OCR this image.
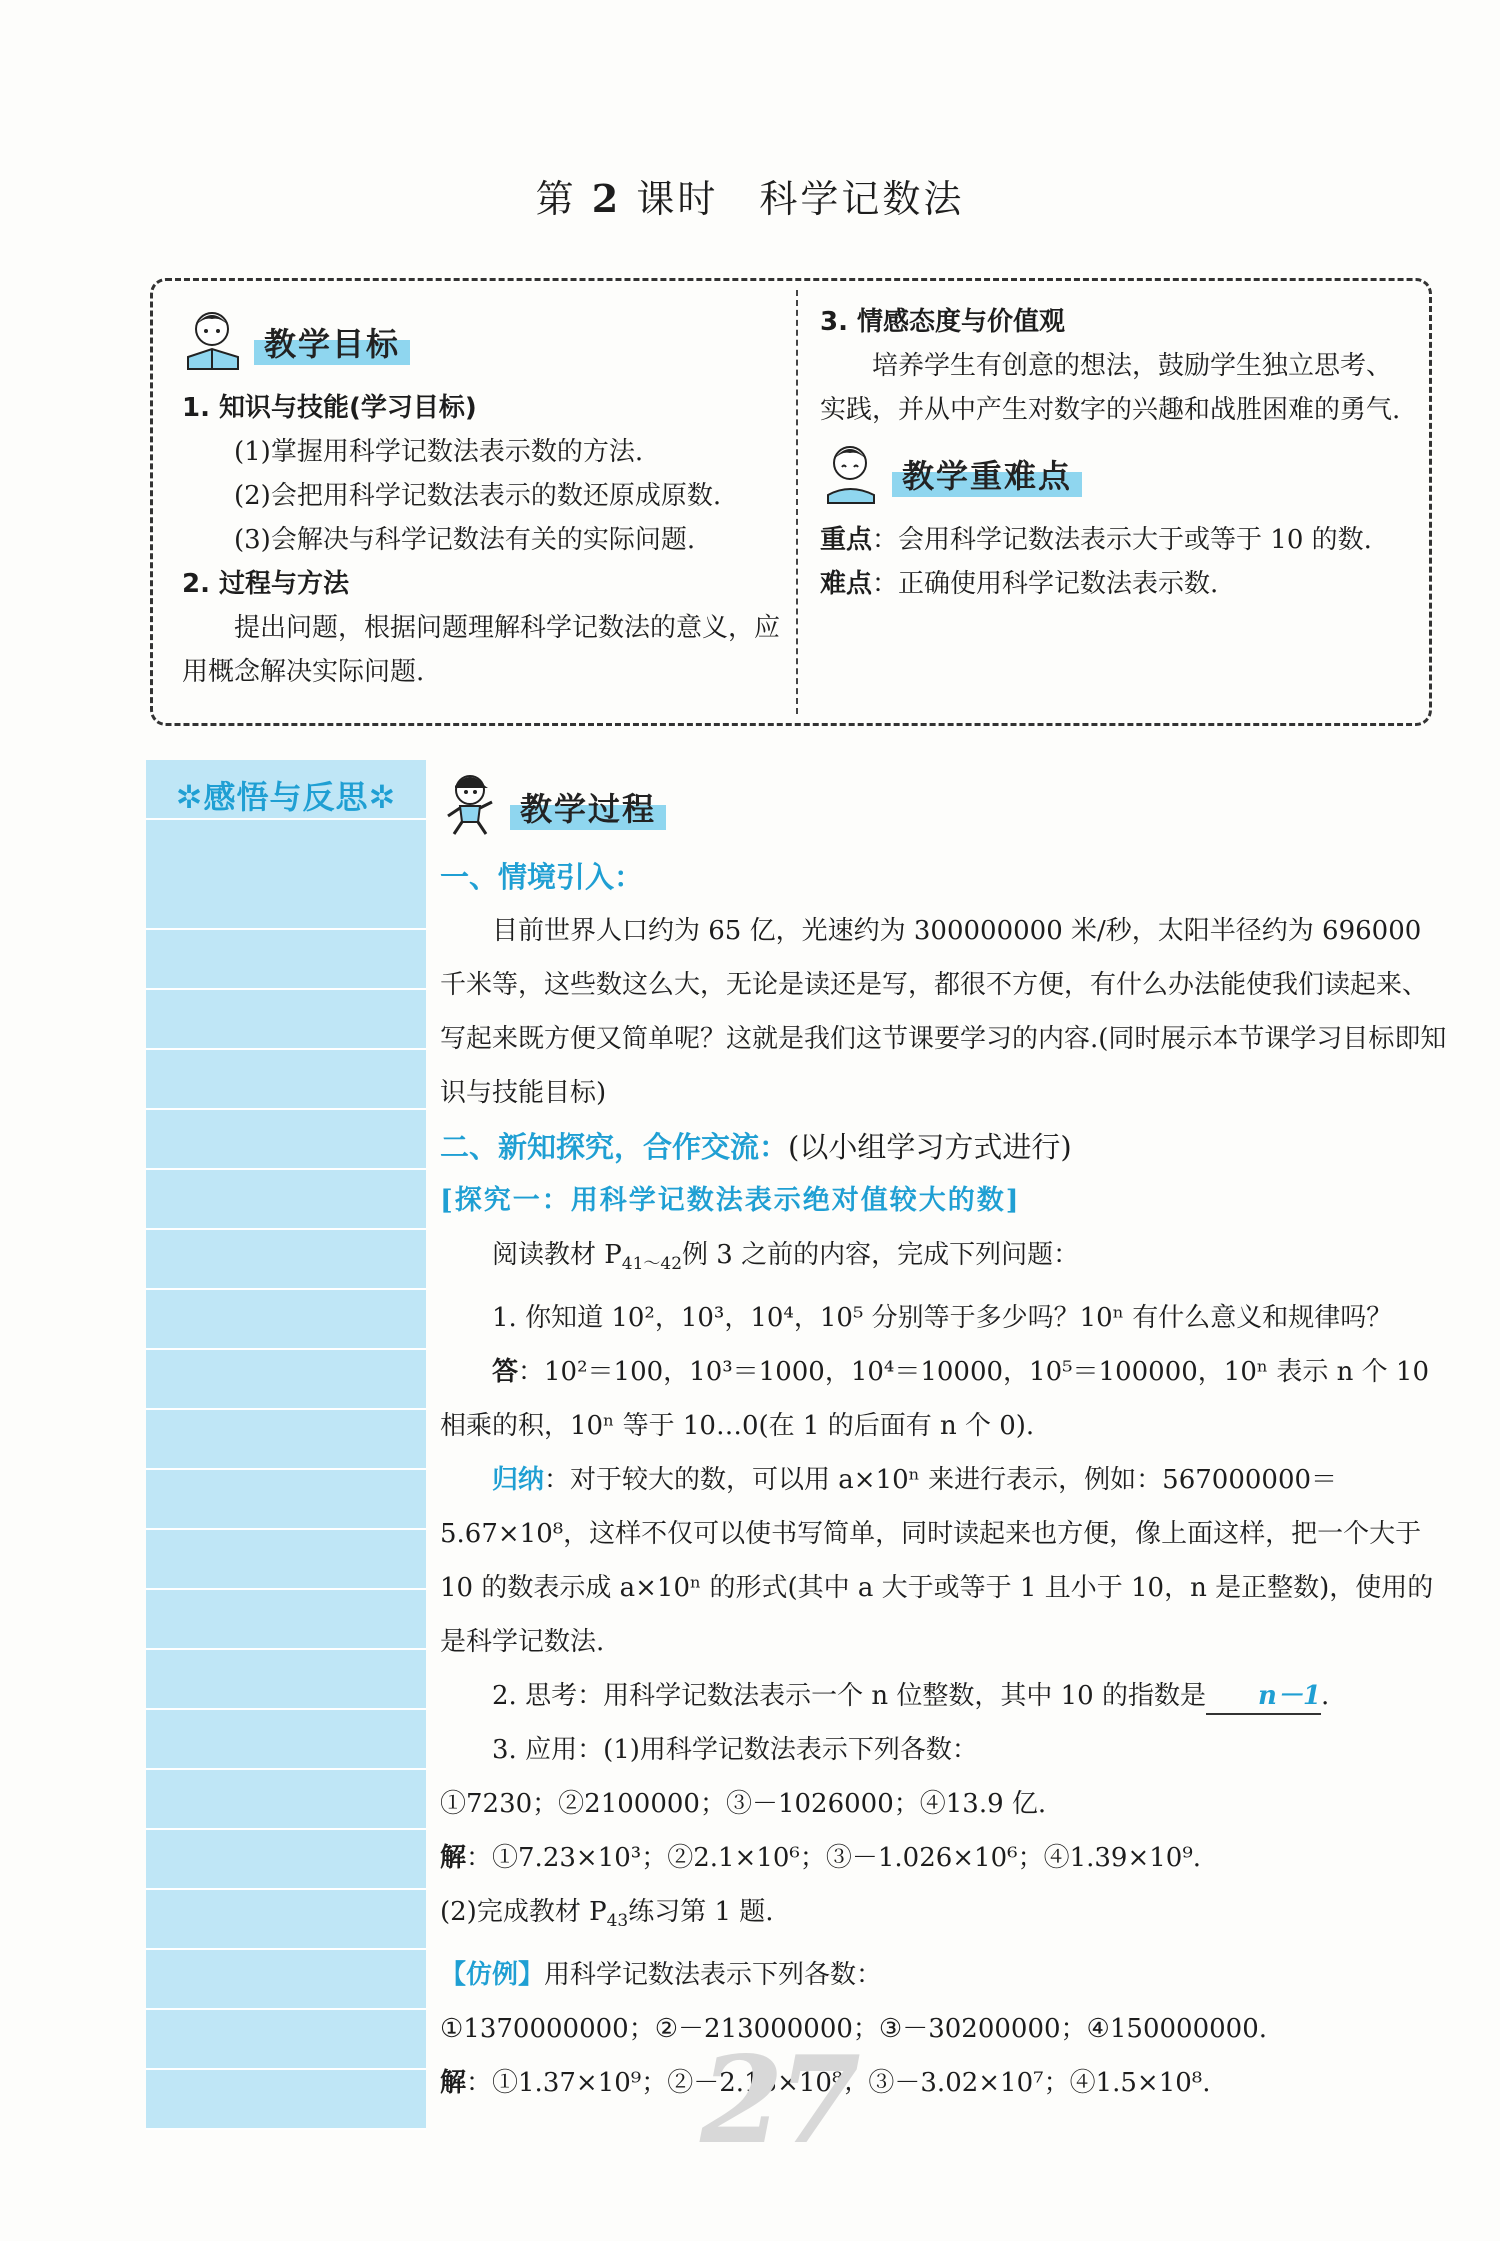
第 2 课时　科学记数法
教学目标

1. 知识与技能(学习目标)

(1)掌握用科学记数法表示数的方法.

(2)会把用科学记数法表示的数还原成原数.

(3)会解决与科学记数法有关的实际问题.

2. 过程与方法

提出问题，根据问题理解科学记数法的意义，应用概念解决实际问题.

3. 情感态度与价值观

培养学生有创意的想法，鼓励学生独立思考、实践，并从中产生对数字的兴趣和战胜困难的勇气.

教学重难点

重点：会用科学记数法表示大于或等于 10 的数.

难点：正确使用科学记数法表示数.

✲感悟与反思✲	教学过程

一、情境引入：

目前世界人口约为 65 亿，光速约为 300000000 米/秒，太阳半径约为 696000 千米等，这些数这么大，无论是读还是写，都很不方便，有什么办法能使我们读起来、写起来既方便又简单呢？这就是我们这节课要学习的内容.(同时展示本节课学习目标即知识与技能目标)

二、新知探究，合作交流：(以小组学习方式进行)

[探究一：用科学记数法表示绝对值较大的数]

阅读教材 $P_{41\sim 42}$例 3 之前的内容，完成下列问题：

1. 你知道 10²，10³，10⁴，10⁵ 分别等于多少吗？10ⁿ 有什么意义和规律吗？

答：10²＝100，10³＝1000，10⁴＝10000，10⁵＝100000，10ⁿ 表示 n 个 10 相乘的积，10ⁿ 等于 10…0(在 1 的后面有 n 个 0).

归纳：对于较大的数，可以用 a×10ⁿ 来进行表示，例如：567000000＝5.67×10⁸，这样不仅可以使书写简单，同时读起来也方便，像上面这样，把一个大于 10 的数表示成 a×10ⁿ 的形式(其中 a 大于或等于 1 且小于 10，n 是正整数)，使用的是科学记数法.

2. 思考：用科学记数法表示一个 n 位整数，其中 10 的指数是 n－1.

3. 应用：(1)用科学记数法表示下列各数：

①7230；②2100000；③－1026000；④13.9 亿.

解：①7.23×10³；②2.1×10⁶；③－1.026×10⁶；④1.39×10⁹.

(2)完成教材 $P_{43}$练习第 1 题.

【仿例】用科学记数法表示下列各数：

①1370000000；②－213000000；③－30200000；④150000000.

解：①1.37×10⁹；②－2.13×10⁸；③－3.02×10⁷；④1.5×10⁸.

27
